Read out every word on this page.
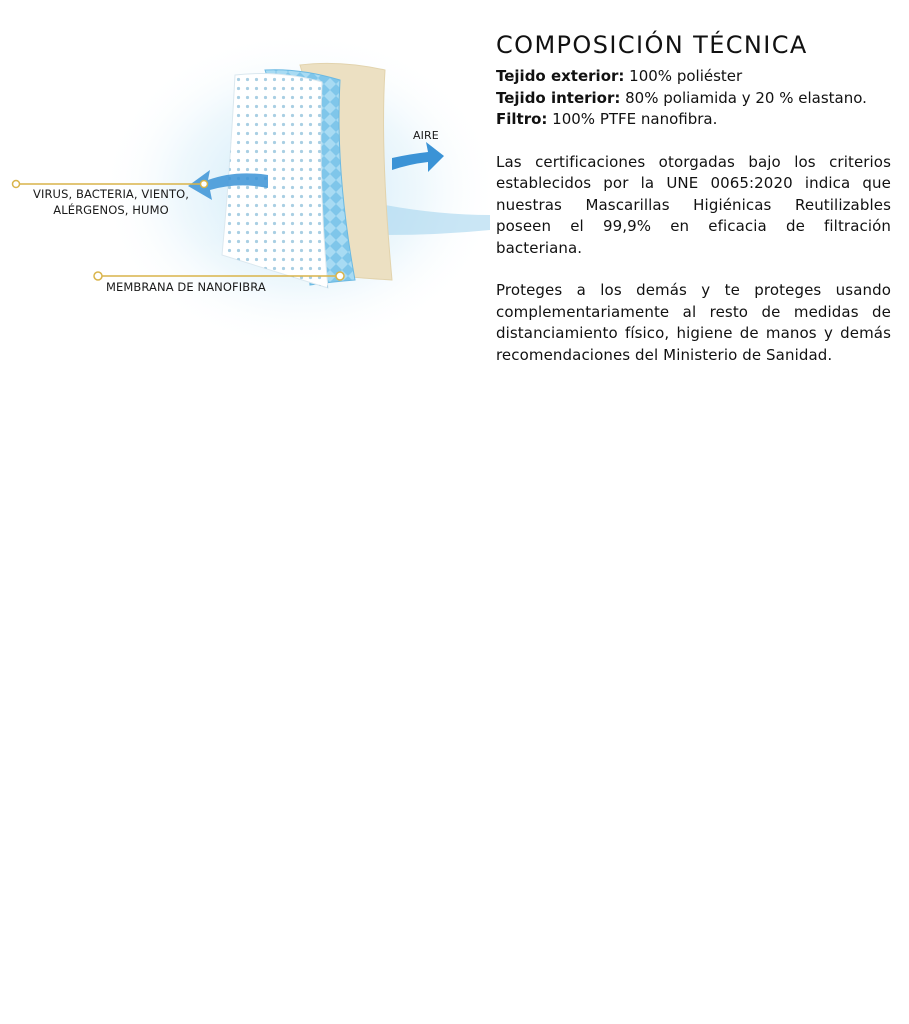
VIRUS, BACTERIA, VIENTO,
ALÉRGENOS, HUMO
MEMBRANA DE NANOFIBRA
AIRE
COMPOSICIÓN TÉCNICA

Tejido exterior: 100% poliéster

Tejido interior: 80% poliamida y 20 % elastano.

Filtro: 100% PTFE nanofibra.

Las certificaciones otorgadas bajo los criterios establecidos por la UNE 0065:2020 indica que nuestras Mascarillas Higiénicas Reutilizables poseen el 99,9% en eficacia de filtración bacteriana.

Proteges a los demás y te proteges usando complementariamente al resto de medidas de distanciamiento físico, higiene de manos y demás recomendaciones del Ministerio de Sanidad.
